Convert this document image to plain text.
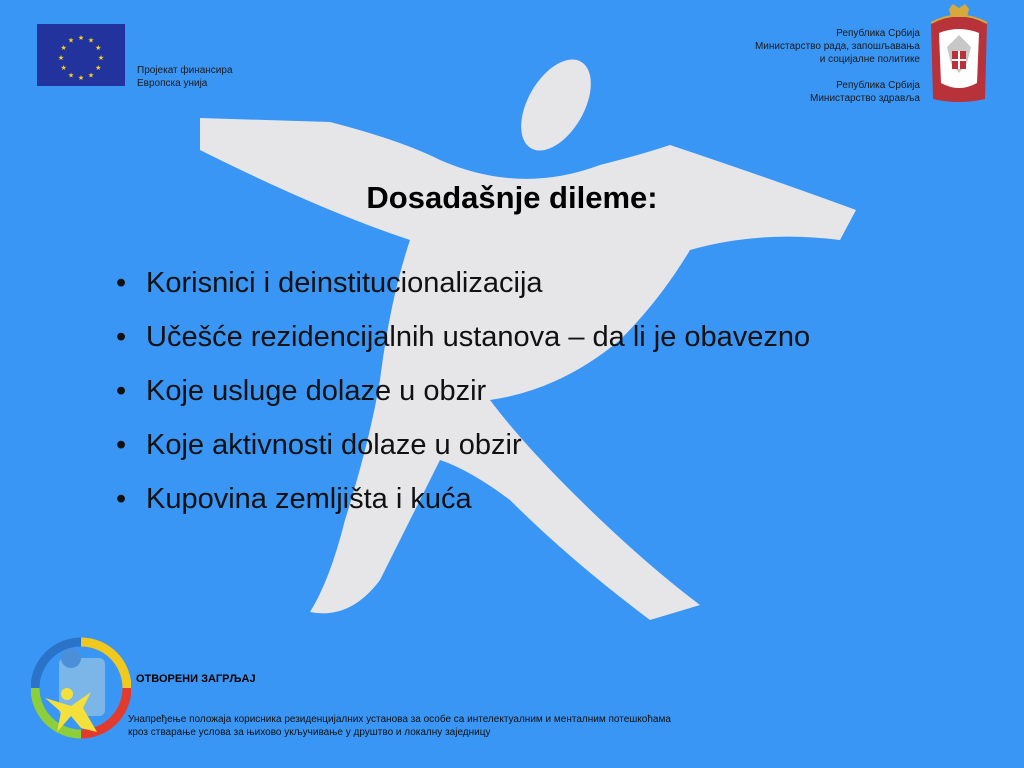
★ ★
★
★
★
★
★
★
★
★
★
★
Пројекат финансира
Европска унија
Република Србија
Министарство рада, запошљавања
и социјалне политике
Република Србија
Министарство здравља
Dosadašnje dileme:
• Korisnici i deinstitucionalizacija
• Učešće rezidencijalnih ustanova – da li je obavezno
• Koje usluge dolaze u obzir
• Koje aktivnosti dolaze u obzir
• Kupovina zemljišta i kuća
ОТВОРЕНИ ЗАГРЉАЈ
Унапређење положаја корисника резиденцијалних установа за особе са интелектуалним и менталним потешкоћама
кроз стварање услова за њихово укључивање у друштво и локалну заједницу
